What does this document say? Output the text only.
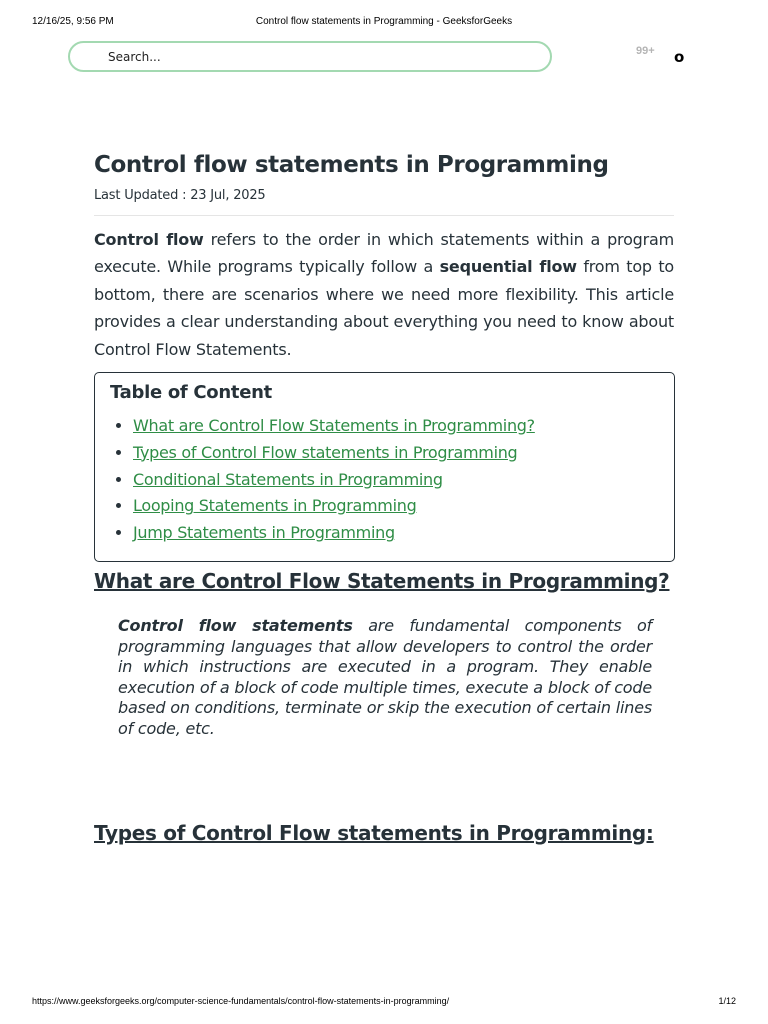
12/16/25, 9:56 PM	Control flow statements in Programming - GeeksforGeeks
Search...
99+ o
Control flow statements in Programming
Last Updated : 23 Jul, 2025

Control flow refers to the order in which statements within a program execute. While programs typically follow a sequential flow from top to bottom, there are scenarios where we need more flexibility. This article provides a clear understanding about everything you need to know about Control Flow Statements.

Table of Content
• What are Control Flow Statements in Programming?
• Types of Control Flow statements in Programming
• Conditional Statements in Programming
• Looping Statements in Programming
• Jump Statements in Programming
What are Control Flow Statements in Programming?

Control flow statements are fundamental components of programming languages that allow developers to control the order in which instructions are executed in a program. They enable execution of a block of code multiple times, execute a block of code based on conditions, terminate or skip the execution of certain lines of code, etc.

Types of Control Flow statements in Programming:
https://www.geeksforgeeks.org/computer-science-fundamentals/control-flow-statements-in-programming/	1/12
